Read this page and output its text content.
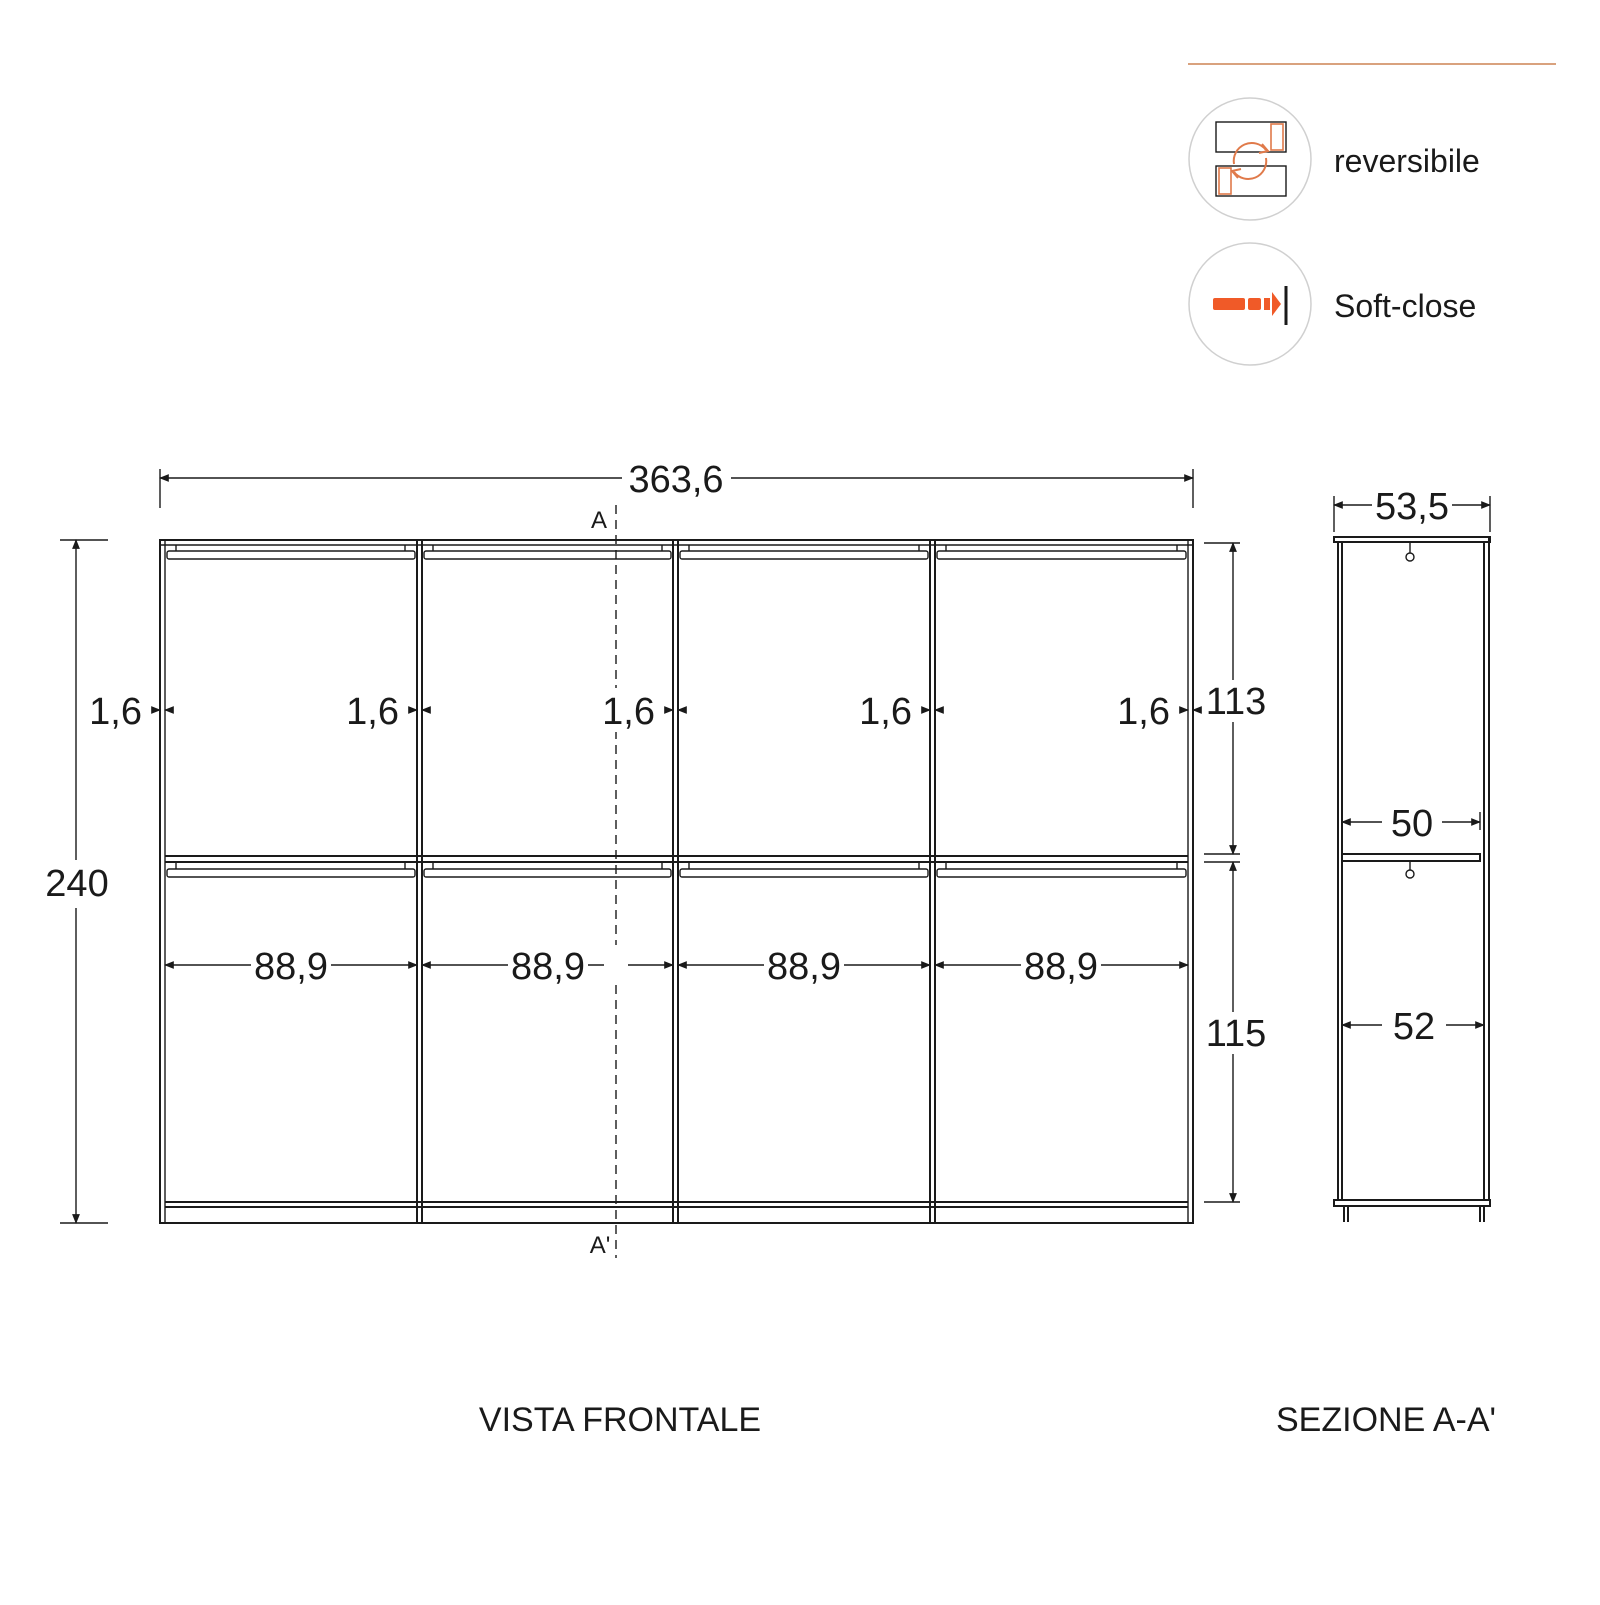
reversibile
Soft-close
363,6
240
A
A'
1,6	1,6	1,6	1,6	1,6
88,9	88,9	88,9	88,9
113
115
VISTA FRONTALE
53,5
50
52
SEZIONE A-A'
